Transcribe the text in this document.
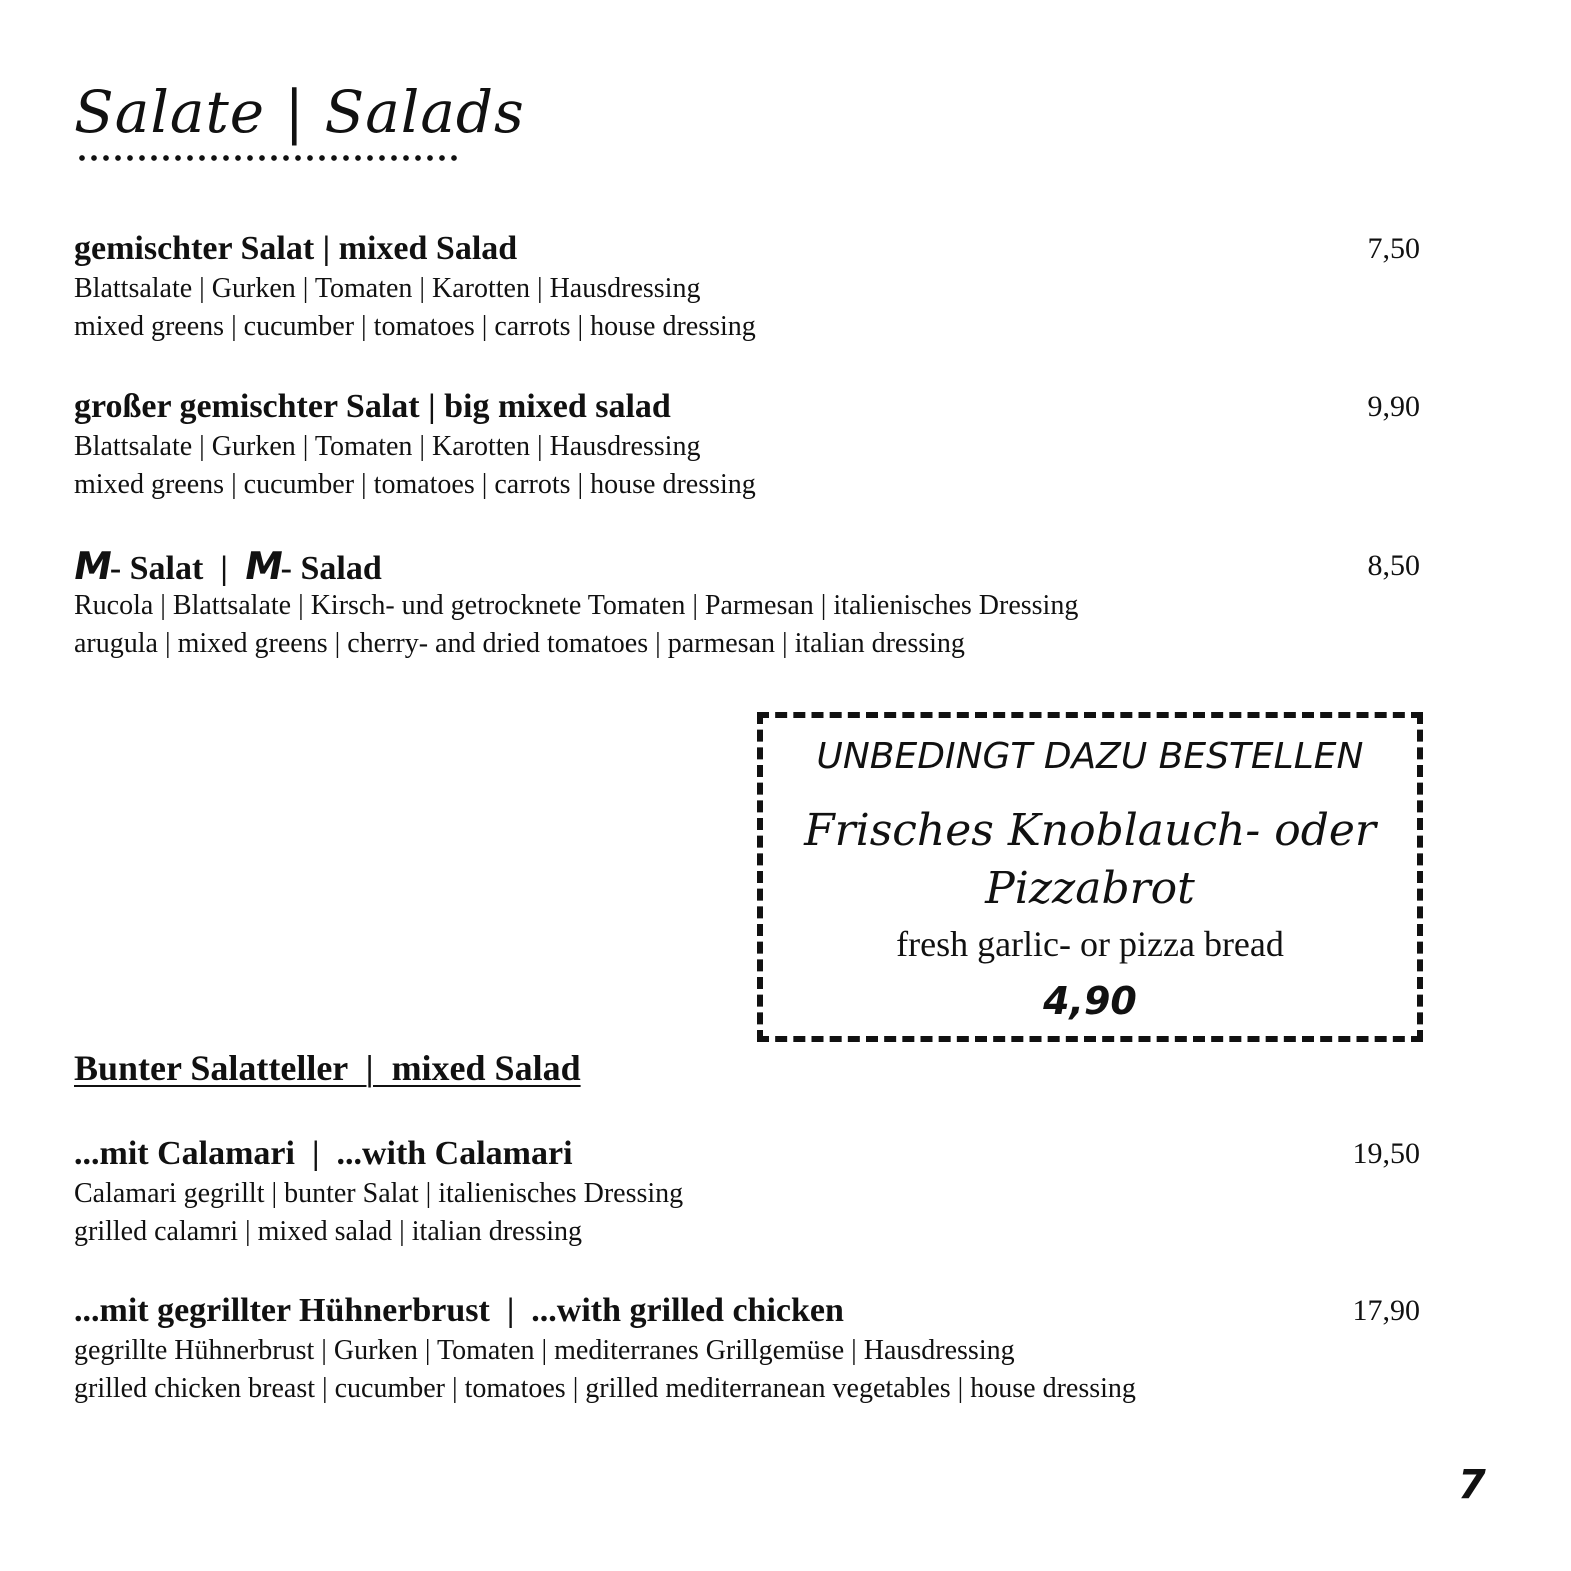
Salate | Salads
gemischter Salat | mixed Salad	7,50
Blattsalate | Gurken | Tomaten | Karotten | Hausdressing
mixed greens | cucumber | tomatoes | carrots | house dressing
großer gemischter Salat | big mixed salad	9,90
Blattsalate | Gurken | Tomaten | Karotten | Hausdressing
mixed greens | cucumber | tomatoes | carrots | house dressing
M- Salat  |  M- Salad	8,50
Rucola | Blattsalate | Kirsch- und getrocknete Tomaten | Parmesan | italienisches Dressing
arugula | mixed greens | cherry- and dried tomatoes | parmesan | italian dressing
UNBEDINGT DAZU BESTELLEN
Frisches Knoblauch- oder Pizzabrot
fresh garlic- or pizza bread
4,90
Bunter Salatteller  |  mixed Salad
...mit Calamari  |  ...with Calamari	19,50
Calamari gegrillt | bunter Salat | italienisches Dressing
grilled calamri | mixed salad | italian dressing
...mit gegrillter Hühnerbrust  |  ...with grilled chicken	17,90
gegrillte Hühnerbrust | Gurken | Tomaten | mediterranes Grillgemüse | Hausdressing
grilled chicken breast | cucumber | tomatoes | grilled mediterranean vegetables | house dressing
7
